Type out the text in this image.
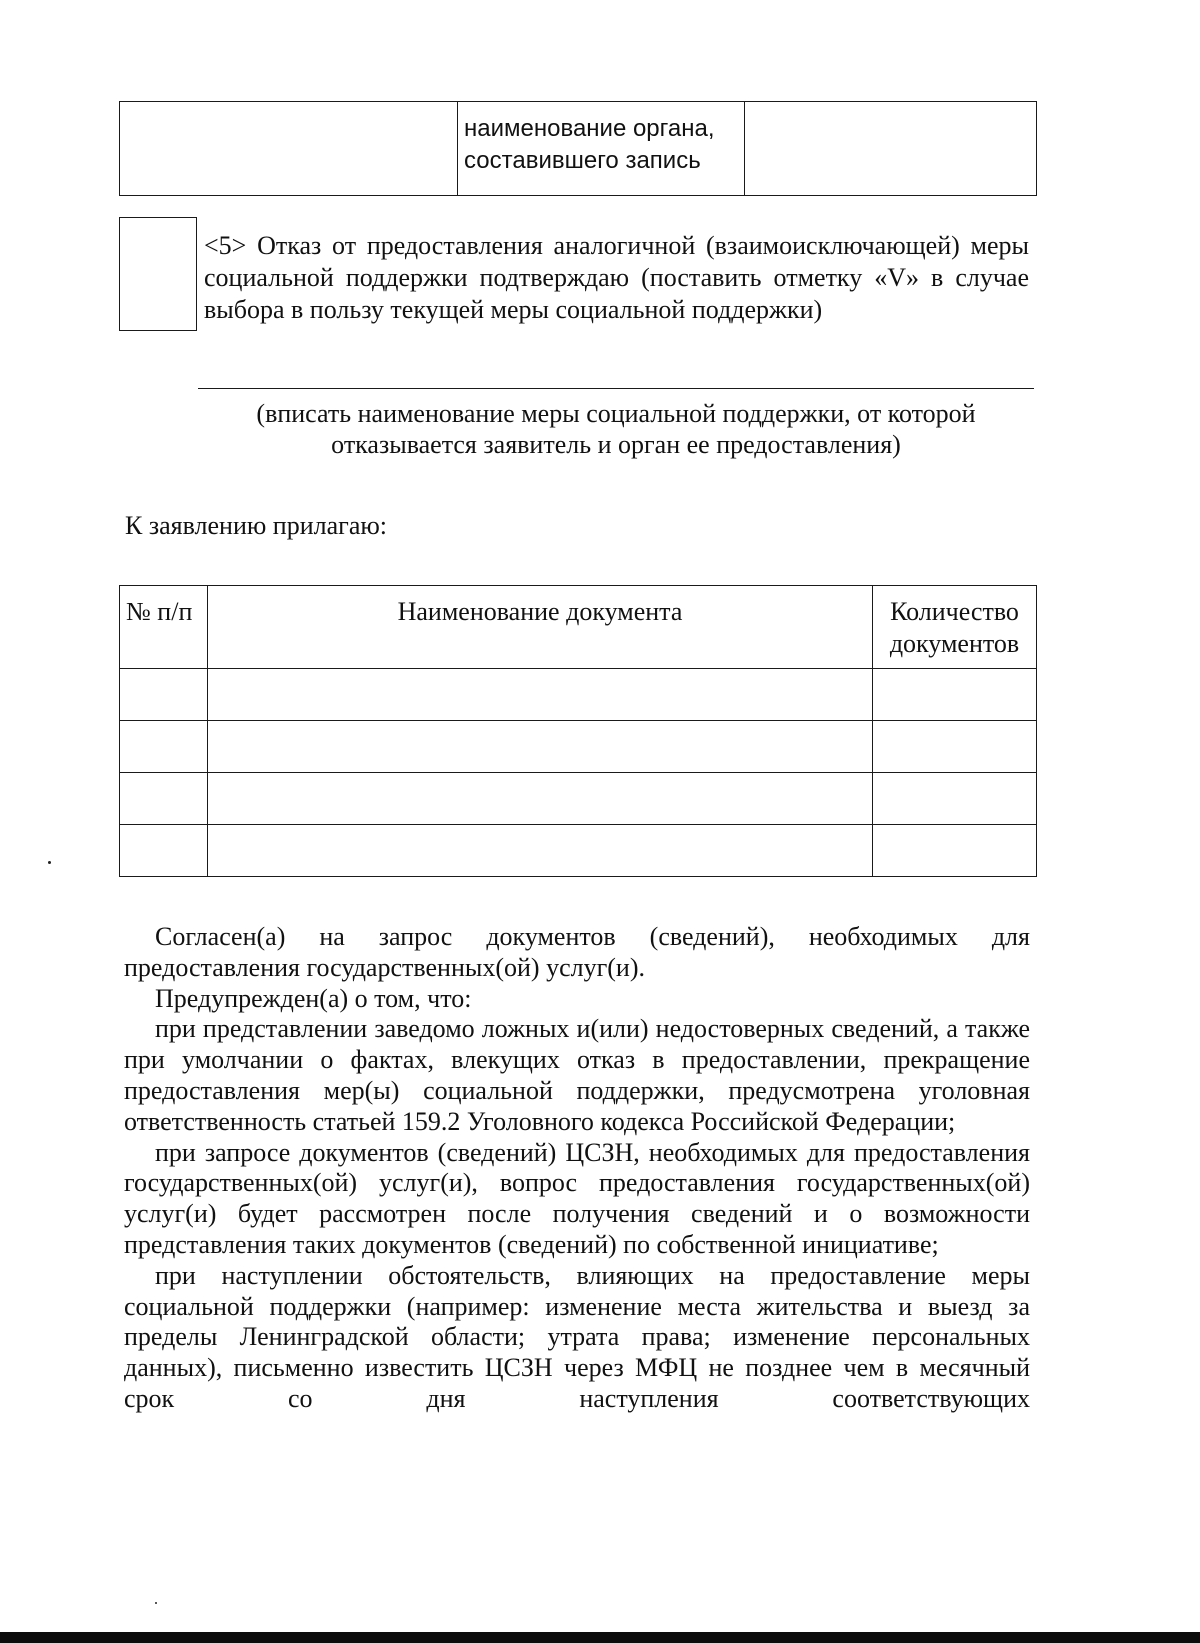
	наименование органа, составившего запись	

<5> Отказ от предоставления аналогичной (взаимоисключающей) меры социальной поддержки подтверждаю (поставить отметку «V» в случае выбора в пользу текущей меры социальной поддержки)

(вписать наименование меры социальной поддержки, от которой
отказывается заявитель и орган ее предоставления)

К заявлению прилагаю:

№ п/п	Наименование документа	Количество
документов

Согласен(а) на запрос документов (сведений), необходимых для предоставления государственных(ой) услуг(и).

Предупрежден(а) о том, что:

при представлении заведомо ложных и(или) недостоверных сведений, а также при умолчании о фактах, влекущих отказ в предоставлении, прекращение предоставления мер(ы) социальной поддержки, предусмотрена уголовная ответственность статьей 159.2 Уголовного кодекса Российской Федерации;

при запросе документов (сведений) ЦСЗН, необходимых для предоставления государственных(ой) услуг(и), вопрос предоставления государственных(ой) услуг(и) будет рассмотрен после получения сведений и о возможности представления таких документов (сведений) по собственной инициативе;

при наступлении обстоятельств, влияющих на предоставление меры социальной поддержки (например: изменение места жительства и выезд за пределы Ленинградской области; утрата права; изменение персональных данных), письменно известить ЦСЗН через МФЦ не позднее чем в месячный срок со дня наступления соответствующих
